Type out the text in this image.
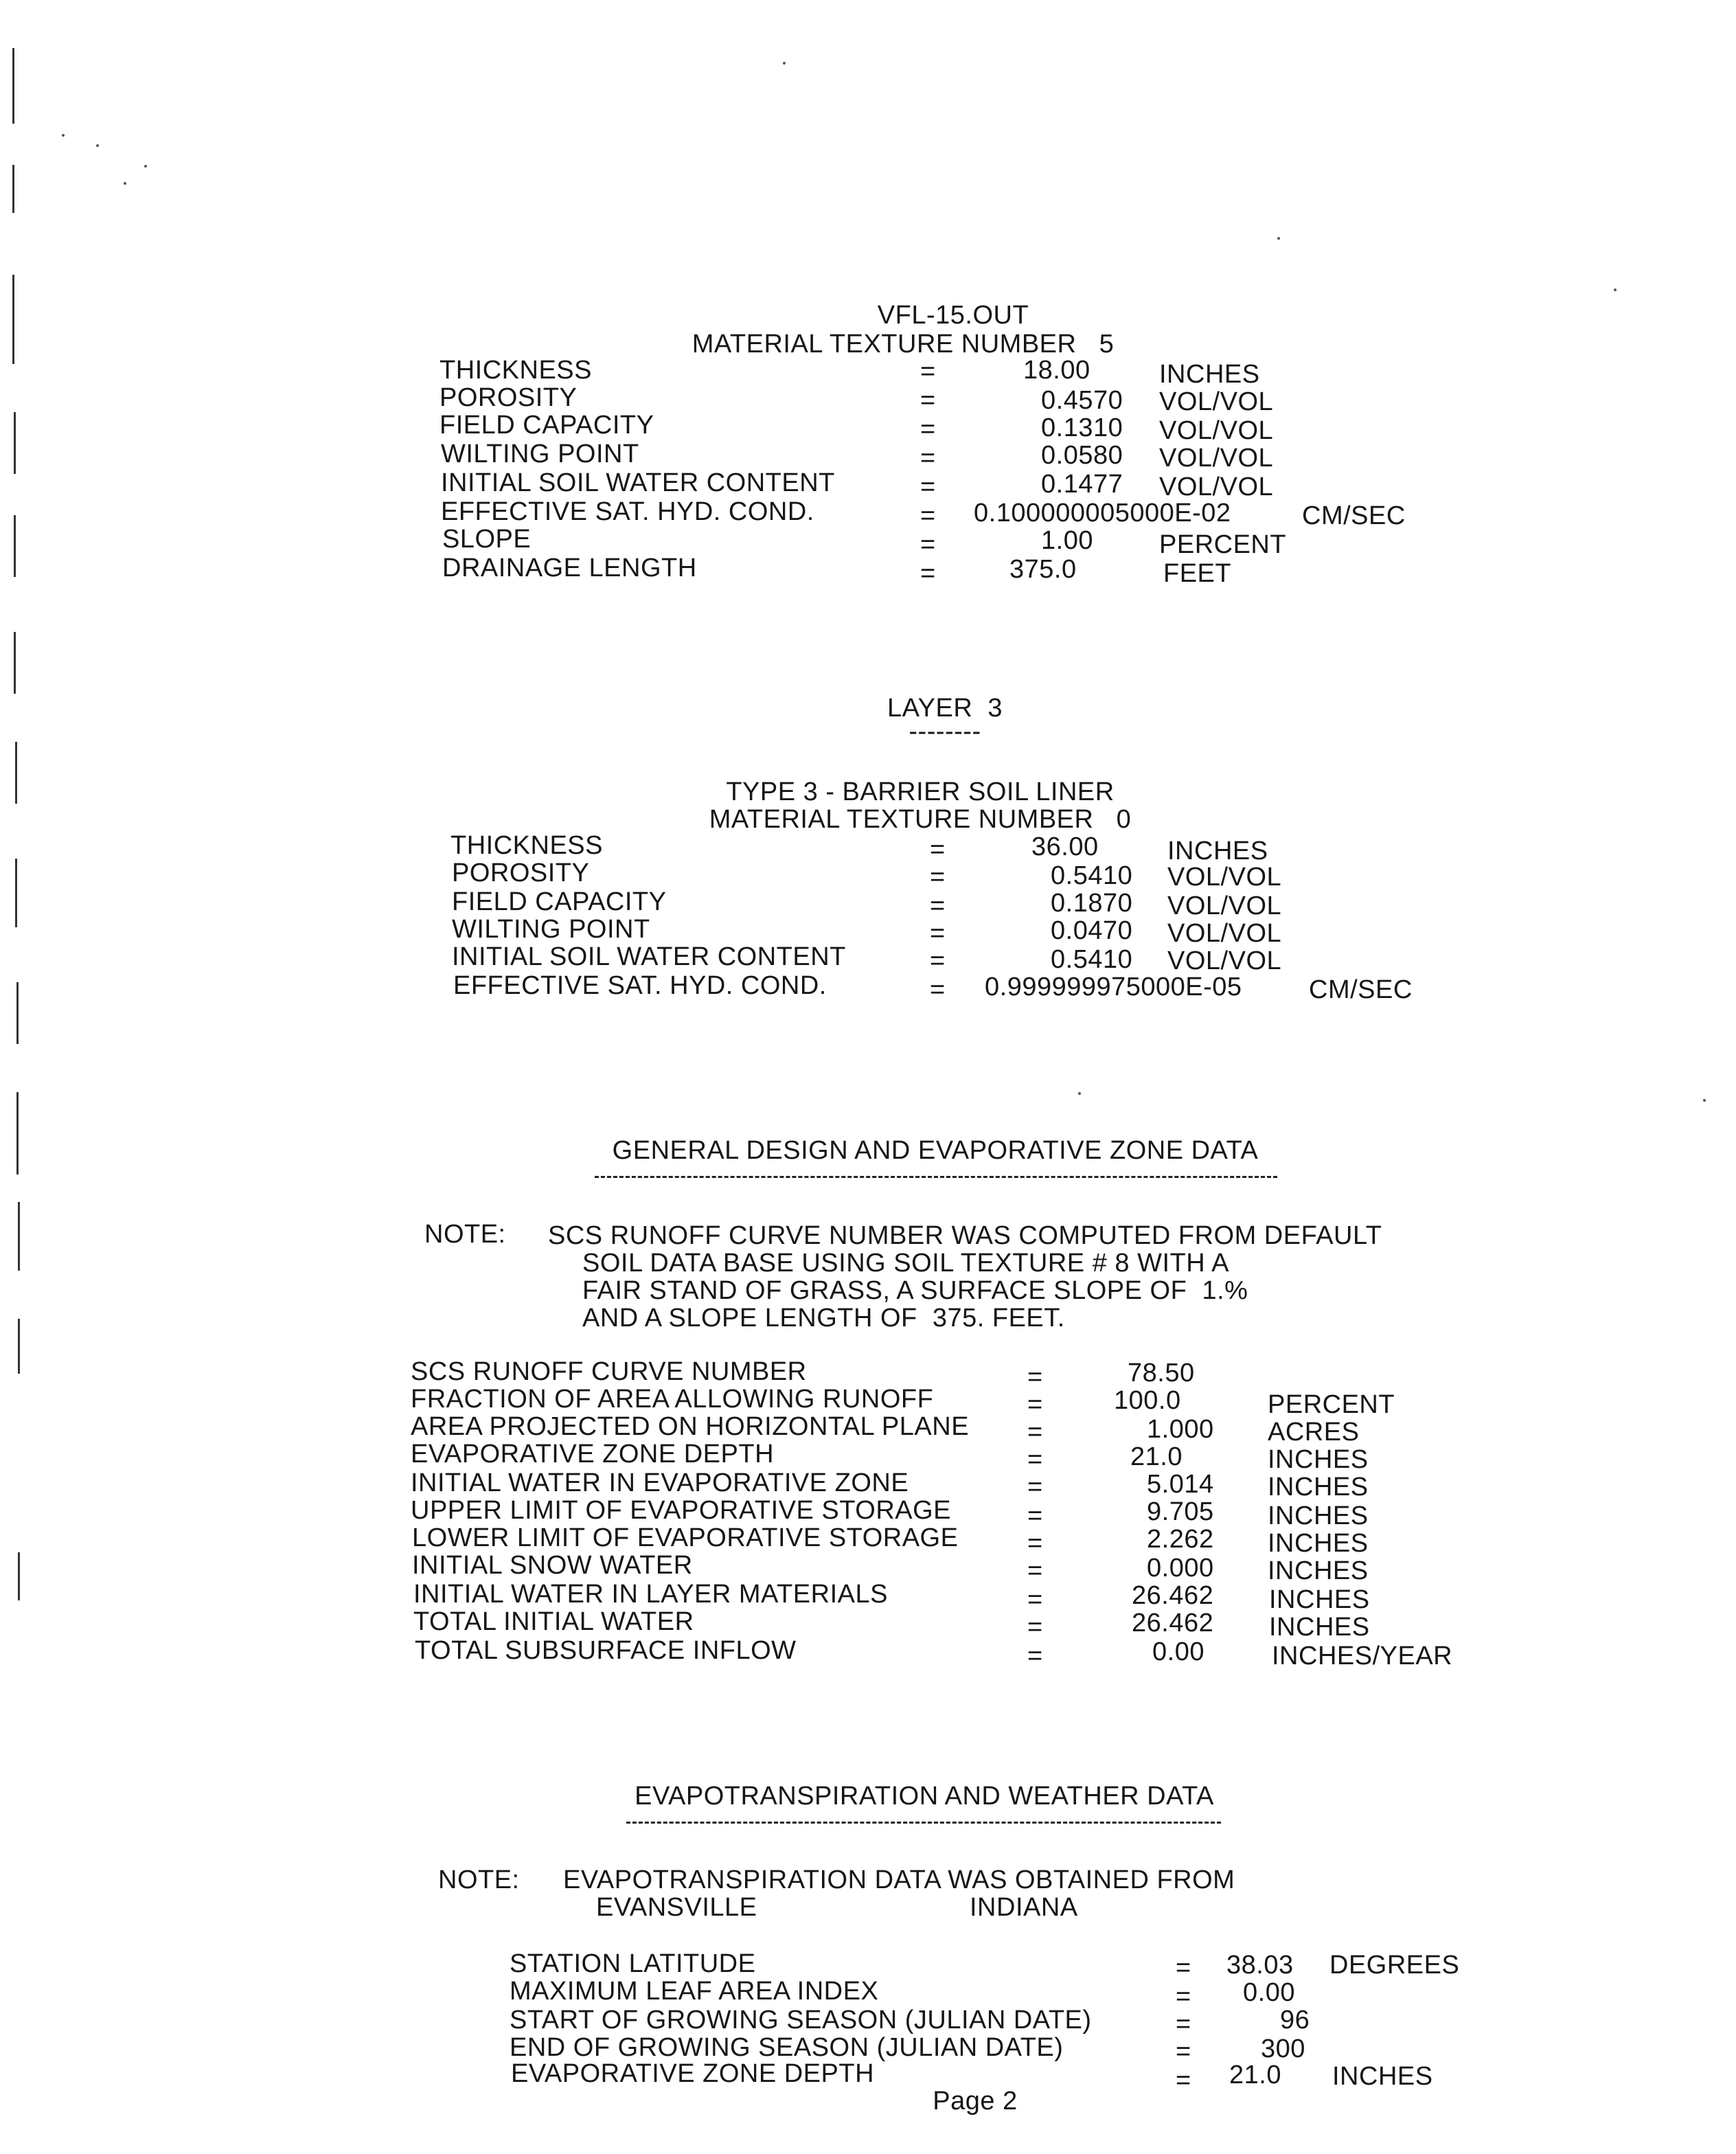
VFL-15.OUT
MATERIAL TEXTURE NUMBER   5
THICKNESS	=	18.00	INCHES
POROSITY	=	0.4570 VOL/VOL
FIELD CAPACITY	=	0.1310 VOL/VOL
WILTING POINT	=	0.0580 VOL/VOL
INITIAL SOIL WATER CONTENT	=	0.1477 VOL/VOL
EFFECTIVE SAT. HYD. COND.	= 0.100000005000E-02	CM/SEC
SLOPE	=	1.00	PERCENT
DRAINAGE LENGTH	=	375.0	FEET
LAYER  3
--------
TYPE 3 - BARRIER SOIL LINER
MATERIAL TEXTURE NUMBER   0
THICKNESS	=	36.00	INCHES
POROSITY	=	0.5410 VOL/VOL
FIELD CAPACITY	=	0.1870 VOL/VOL
WILTING POINT	=	0.0470 VOL/VOL
INITIAL SOIL WATER CONTENT	=	0.5410 VOL/VOL
EFFECTIVE SAT. HYD. COND.	= 0.999999975000E-05	CM/SEC
GENERAL DESIGN AND EVAPORATIVE ZONE DATA
NOTE: SCS RUNOFF CURVE NUMBER WAS COMPUTED FROM DEFAULT
SOIL DATA BASE USING SOIL TEXTURE # 8 WITH A
FAIR STAND OF GRASS, A SURFACE SLOPE OF  1.%
AND A SLOPE LENGTH OF  375. FEET.
SCS RUNOFF CURVE NUMBER	=	78.50
FRACTION OF AREA ALLOWING RUNOFF	=	100.0	PERCENT
AREA PROJECTED ON HORIZONTAL PLANE =	1.000 ACRES
EVAPORATIVE ZONE DEPTH	=	21.0	INCHES
INITIAL WATER IN EVAPORATIVE ZONE	=	5.014 INCHES
UPPER LIMIT OF EVAPORATIVE STORAGE	=	9.705 INCHES
LOWER LIMIT OF EVAPORATIVE STORAGE	=	2.262 INCHES
INITIAL SNOW WATER	=	0.000 INCHES
INITIAL WATER IN LAYER MATERIALS	=	26.462 INCHES
TOTAL INITIAL WATER	=	26.462 INCHES
TOTAL SUBSURFACE INFLOW	=	0.00	INCHES/YEAR
EVAPOTRANSPIRATION AND WEATHER DATA
NOTE: EVAPOTRANSPIRATION DATA WAS OBTAINED FROM
EVANSVILLE	INDIANA
STATION LATITUDE	= 38.03 DEGREES
MAXIMUM LEAF AREA INDEX	= 0.00
START OF GROWING SEASON (JULIAN DATE)	=	96
END OF GROWING SEASON (JULIAN DATE)	=	300
EVAPORATIVE ZONE DEPTH	= 21.0 INCHES
Page 2
